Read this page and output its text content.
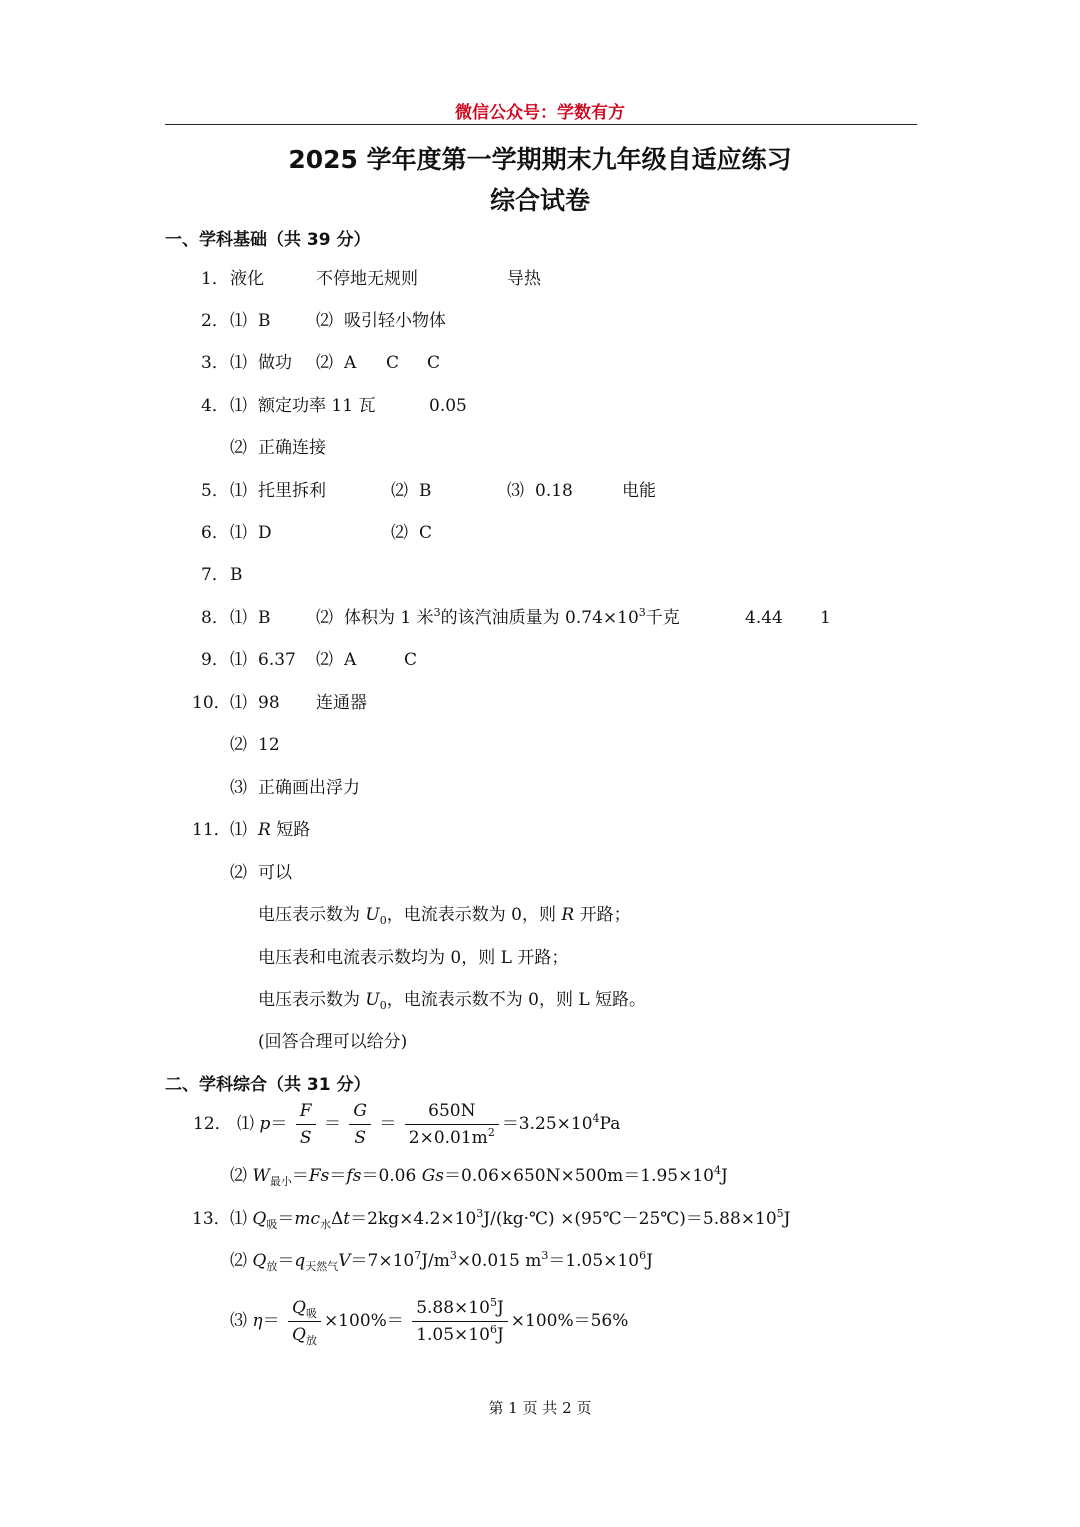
微信公众号：学数有方
2025 学年度第一学期期末九年级自适应练习
综合试卷
一、学科基础（共 39 分）
1． 液化	不停地无规则	导热
2． ⑴ B	⑵ 吸引轻小物体
3． ⑴ 做功 ⑵ A C C
4． ⑴ 额定功率 11 瓦	0.05
⑵ 正确连接
5． ⑴ 托里拆利	⑵ B	⑶ 0.18	电能
6． ⑴ D	⑵ C
7． B
8． ⑴ B	⑵ 体积为 1 米$^3$的该汽油质量为 $0.74\times 10^3$千克	4.44 1
9． ⑴ 6.37 ⑵ A	C
10． ⑴ 98 连通器
⑵ 12
⑶ 正确画出浮力
11． ⑴ R 短路
⑵ 可以
电压表示数为 $U_0$，电流表示数为 0，则 R 开路；
电压表和电流表示数均为 0，则 L 开路；
电压表示数为 $U_0$，电流表示数不为 0，则 L 短路。
(回答合理可以给分)
二、学科综合（共 31 分）
12． ⑴ $p= \frac{F}{S} = \frac{G}{S} = \frac{650N}{2\times 0.01m^2} =3.25\times 10^4Pa$
⑵ $W_{最小}=Fs=fs=0.06$ $Gs=0.06\times 650N\times 500m=1.95\times 10^4J$
13． ⑴ $Q_吸=mc_水\Delta t=2kg\times 4.2\times 10^3J/(kg\cdot℃)$ $\times(95℃-25℃)=5.88\times 10^5J$
⑵ $Q_放=q_{天然气}V=7\times 10^7J/m^3\times 0.015$ $m^3=1.05\times 10^6J$
⑶ $\eta= \frac{Q_吸}{Q_放} \times 100\%= \frac{5.88\times 10^5J}{1.05\times 10^6J} \times 100\%=56\%$
第 1 页 共 2 页
